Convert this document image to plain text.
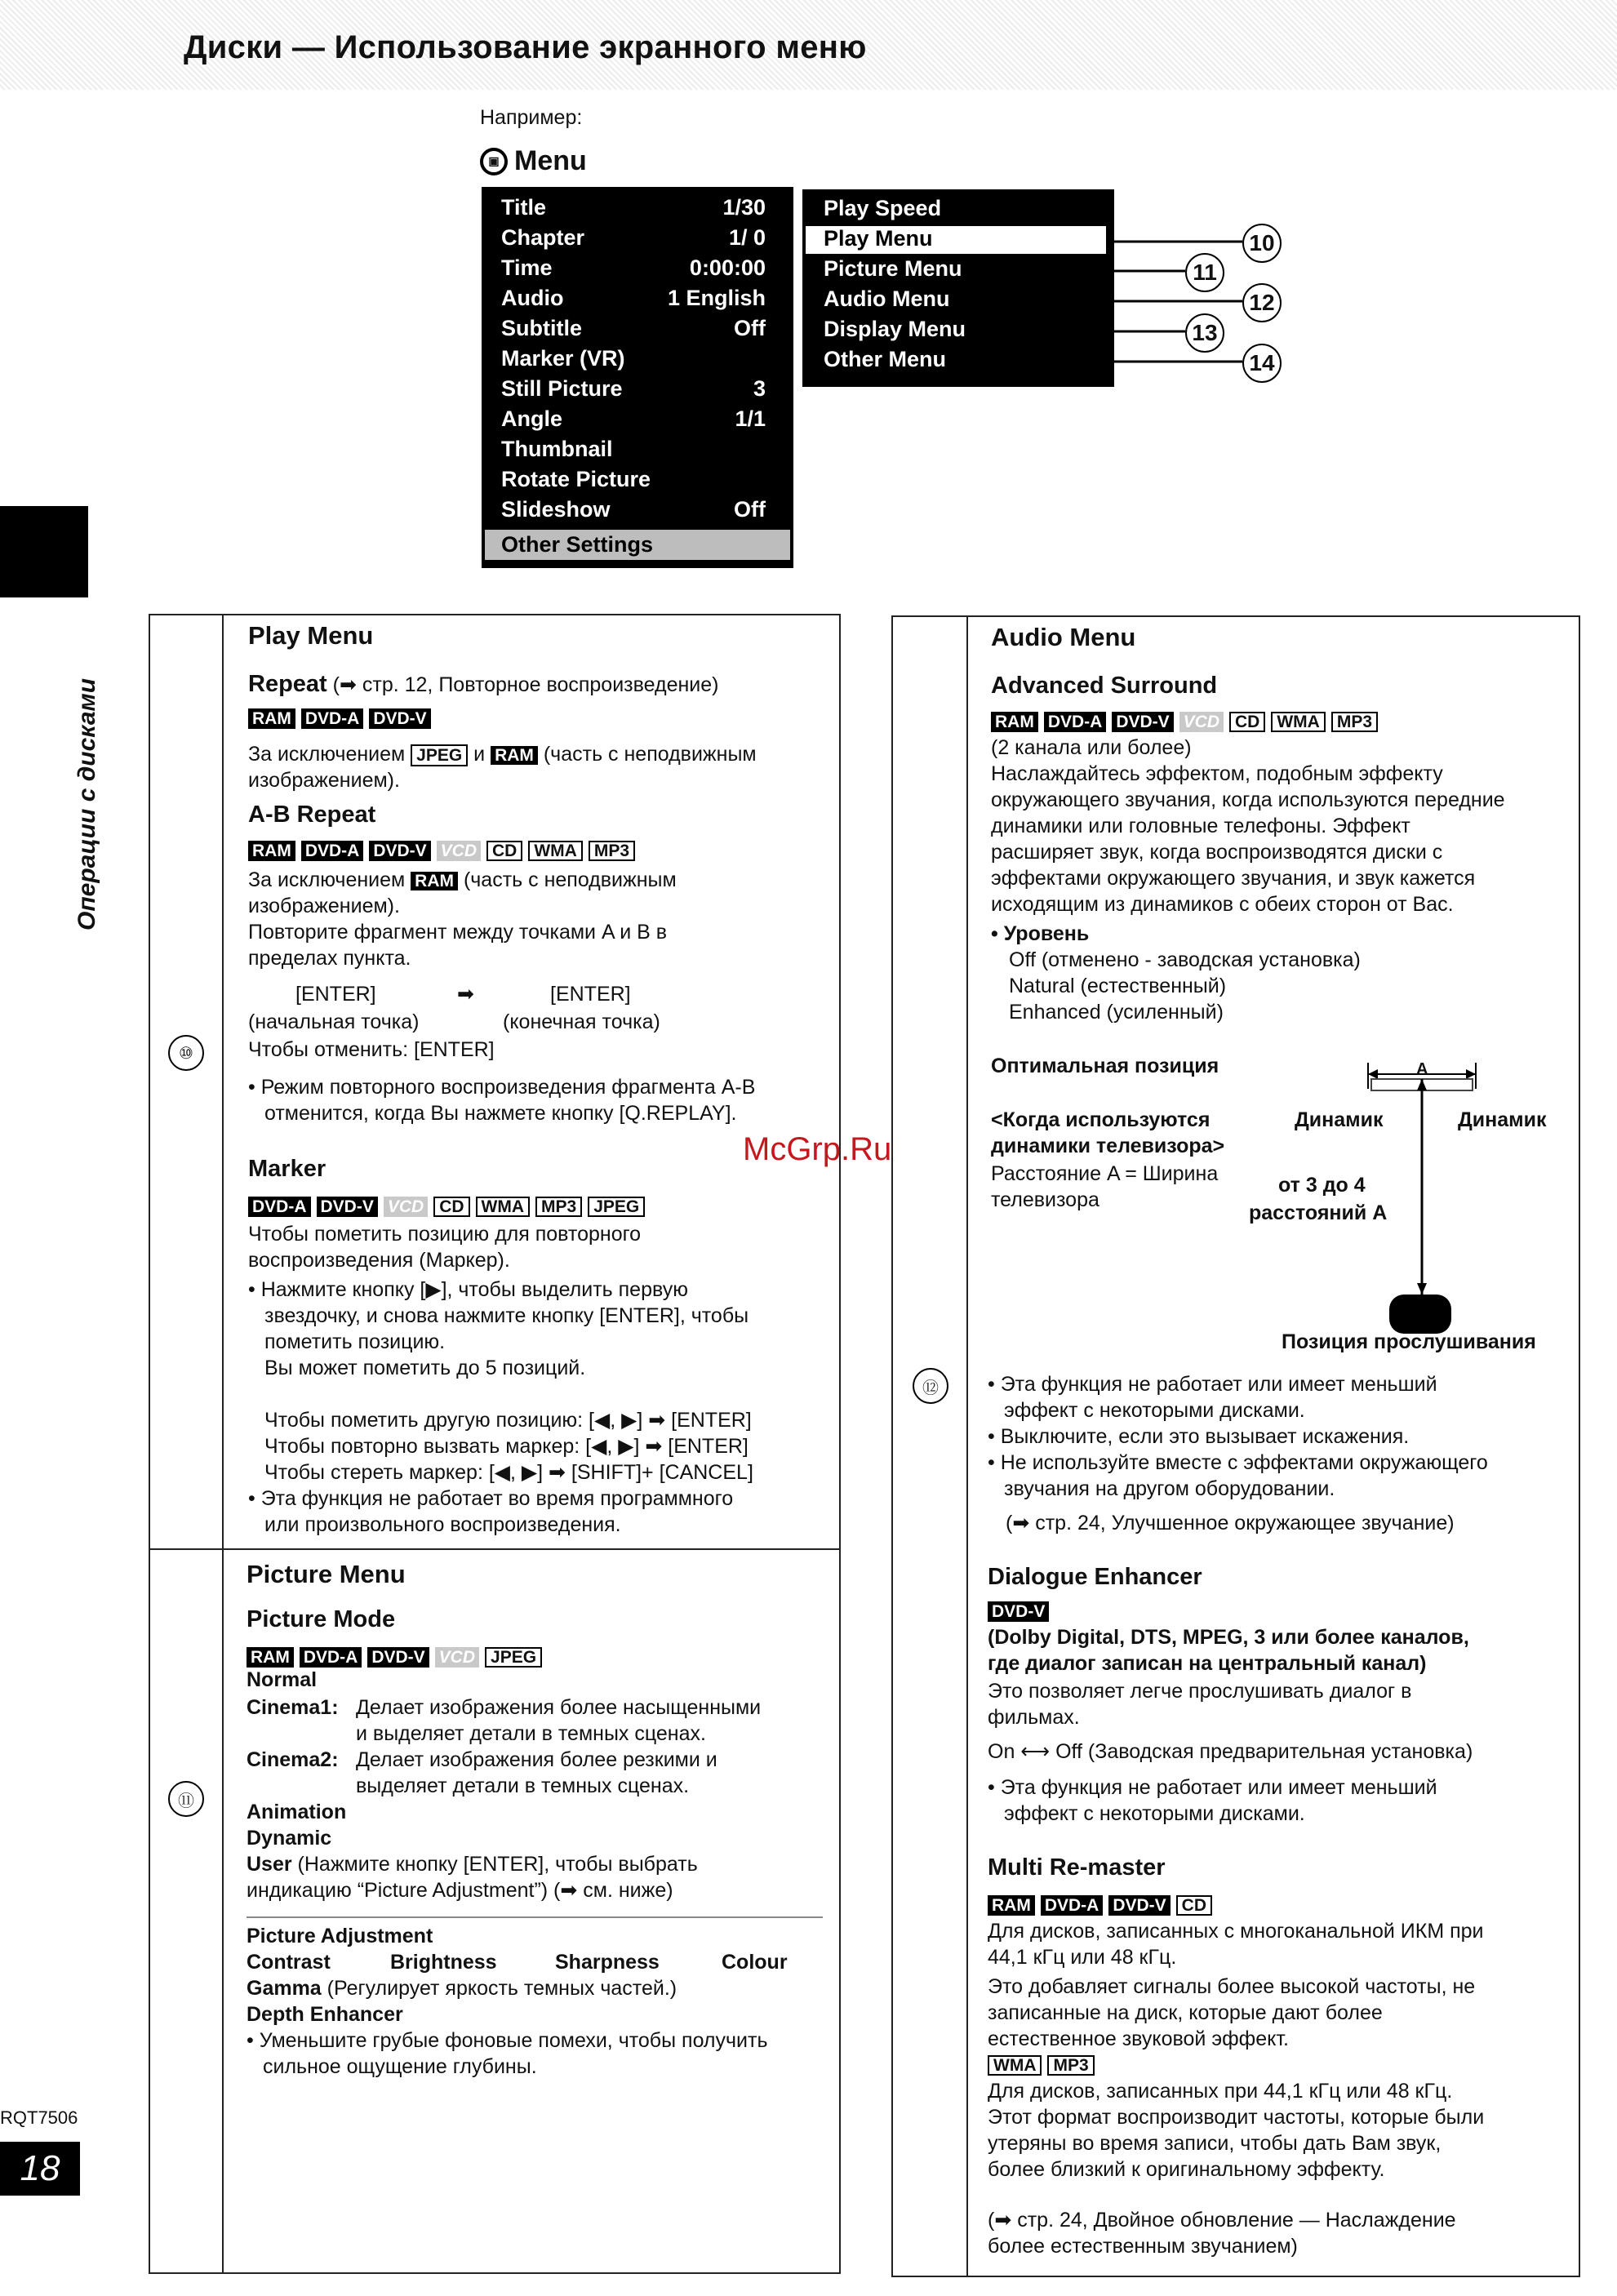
Диски — Использование экранного меню
Например:
▣ Menu
Title	1/30
Chapter	1/ 0
Time	0:00:00
Audio	1 English
Subtitle	Off
Marker (VR)
Still Picture	3
Angle	1/1
Thumbnail
Rotate Picture
Slideshow	Off
Other Settings
Play Speed
Play Menu
Picture Menu
Audio Menu
Display Menu
Other Menu
10
11
12
13
14
Операции с дисками
RQT7506
18
⑩
Play Menu
Repeat (➡ стр. 12, Повторное воспроизведение)
RAM DVD-A DVD-V
За исключением JPEG и RAM (часть с неподвижным
изображением).
A-B Repeat
RAM DVD-A DVD-V VCD CD	WMA	MP3
За исключением RAM (часть с неподвижным
изображением).
Повторите фрагмент между точками A и B в
пределах пункта.
[ENTER]	➡	[ENTER]
(начальная точка)	(конечная точка)
Чтобы отменить: [ENTER]
• Режим повторного воспроизведения фрагмента A-B
отменится, когда Вы нажмете кнопку [Q.REPLAY].
Marker
DVD-A DVD-V VCD CD	WMA	MP3	JPEG
Чтобы пометить позицию для повторного
воспроизведения (Маркер).
• Нажмите кнопку [▶], чтобы выделить первую
звездочку, и снова нажмите кнопку [ENTER], чтобы
пометить позицию.
Вы может пометить до 5 позиций.
Чтобы пометить другую позицию: [◀, ▶] ➡ [ENTER]
Чтобы повторно вызвать маркер: [◀, ▶] ➡ [ENTER]
Чтобы стереть маркер: [◀, ▶] ➡ [SHIFT]+ [CANCEL]
• Эта функция не работает во время программного
или произвольного воспроизведения.
⑪
Picture Menu
Picture Mode
RAM DVD-A DVD-V VCD JPEG
Normal
Cinema1: Делает изображения более насыщенными
и выделяет детали в темных сценах.
Cinema2: Делает изображения более резкими и
выделяет детали в темных сценах.
Animation
Dynamic
User (Нажмите кнопку [ENTER], чтобы выбрать
индикацию “Picture Adjustment”) (➡ см. ниже)
Picture Adjustment
Contrast	Brightness	Sharpness	Colour
Gamma (Регулирует яркость темных частей.)
Depth Enhancer
• Уменьшите грубые фоновые помехи, чтобы получить
сильное ощущение глубины.
⑫
Audio Menu
Advanced Surround
RAM DVD-A DVD-V VCD CD	WMA	MP3
(2 канала или более)
Наслаждайтесь эффектом, подобным эффекту
окружающего звучания, когда используются передние
динамики или головные телефоны. Эффект
расширяет звук, когда воспроизводятся диски с
эффектами окружающего звучания, и звук кажется
исходящим из динамиков с обеих сторон от Вас.
• Уровень
Off (отменено - заводская установка)
Natural (естественный)
Enhanced (усиленный)
Оптимальная позиция
<Когда используются
динамики телевизора>
Расстояние A = Ширина
телевизора
A
Динамик	Динамик
от 3 до 4
расстояний A
Позиция прослушивания
• Эта функция не работает или имеет меньший
эффект с некоторыми дисками.
• Выключите, если это вызывает искажения.
• Не используйте вместе с эффектами окружающего
звучания на другом оборудовании.
(➡ стр. 24, Улучшенное окружающее звучание)
Dialogue Enhancer
DVD-V
(Dolby Digital, DTS, MPEG, 3 или более каналов,
где диалог записан на центральный канал)
Это позволяет легче прослушивать диалог в
фильмах.
On ⟷ Off (Заводская предварительная установка)
• Эта функция не работает или имеет меньший
эффект с некоторыми дисками.
Multi Re-master
RAM DVD-A DVD-V CD
Для дисков, записанных с многоканальной ИКМ при
44,1 кГц или 48 кГц.
Это добавляет сигналы более высокой частоты, не
записанные на диск, которые дают более
естественное звуковой эффект.
WMA	MP3
Для дисков, записанных при 44,1 кГц или 48 кГц.
Этот формат воспроизводит частоты, которые были
утеряны во время записи, чтобы дать Вам звук,
более близкий к оригинальному эффекту.
(➡ стр. 24, Двойное обновление — Наслаждение
более естественным звучанием)
McGrp.Ru
